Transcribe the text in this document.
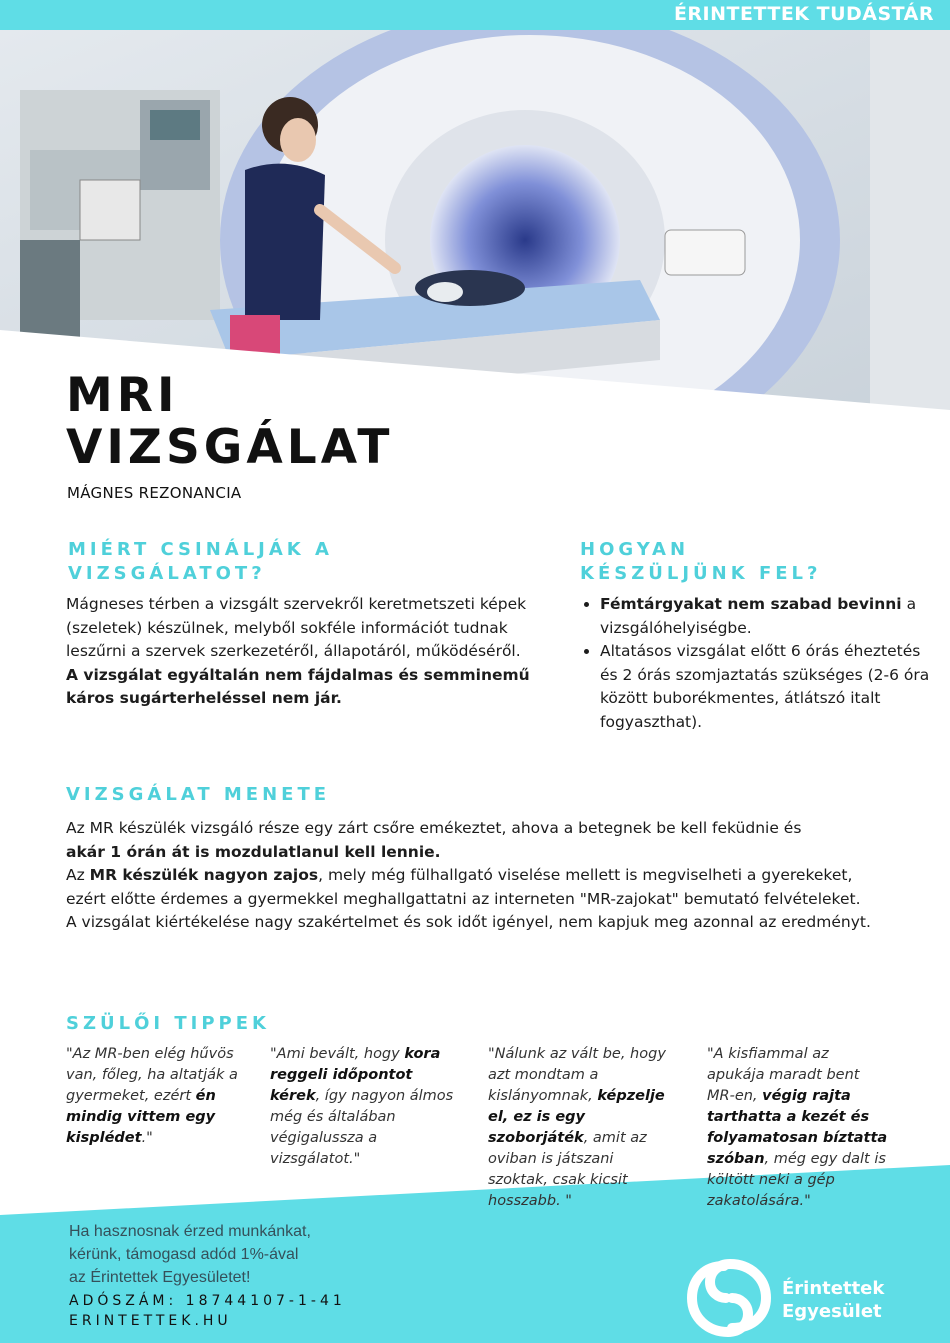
ÉRINTETTEK TUDÁSTÁR
MRI
VIZSGÁLAT
MÁGNES REZONANCIA
MIÉRT CSINÁLJÁK A
VIZSGÁLATOT?
Mágneses térben a vizsgált szervekről keretmetszeti képek (szeletek) készülnek, melyből sokféle információt tudnak leszűrni a szervek szerkezetéről, állapotáról, működéséről.
A vizsgálat egyáltalán nem fájdalmas és semminemű káros sugárterheléssel nem jár.
HOGYAN
KÉSZÜLJÜNK FEL?
• Fémtárgyakat nem szabad bevinni a vizsgálóhelyiségbe.
• Altatásos vizsgálat előtt 6 órás éheztetés és 2 órás szomjaztatás szükséges (2-6 óra között buborékmentes, átlátszó italt fogyaszthat).
VIZSGÁLAT MENETE
Az MR készülék vizsgáló része egy zárt csőre emékeztet, ahova a betegnek be kell feküdnie és
akár 1 órán át is mozdulatlanul kell lennie.
Az MR készülék nagyon zajos, mely még fülhallgató viselése mellett is megviselheti a gyerekeket, ezért előtte érdemes a gyermekkel meghallgattatni az interneten "MR-zajokat" bemutató felvételeket.
A vizsgálat kiértékelése nagy szakértelmet és sok időt igényel, nem kapjuk meg azonnal az eredményt.
SZÜLŐI TIPPEK
"Az MR-ben elég hűvös van, főleg, ha altatják a gyermeket, ezért én mindig vittem egy kisplédet."
"Ami bevált, hogy kora reggeli időpontot kérek, így nagyon álmos még és általában végigalussza a vizsgálatot."
"Nálunk az vált be, hogy azt mondtam a kislányomnak, képzelje el, ez is egy szoborjáték, amit az oviban is játszani szoktak, csak kicsit hosszabb. "
"A kisfiammal az apukája maradt bent MR-en, végig rajta tarthatta a kezét és folyamatosan bíztatta szóban, még egy dalt is költött neki a gép zakatolására."
Ha hasznosnak érzed munkánkat,
kérünk, támogasd adód 1%-ával
az Érintettek Egyesületet!
ADÓSZÁM: 18744107-1-41
ERINTETTEK.HU
Érintettek
Egyesület
